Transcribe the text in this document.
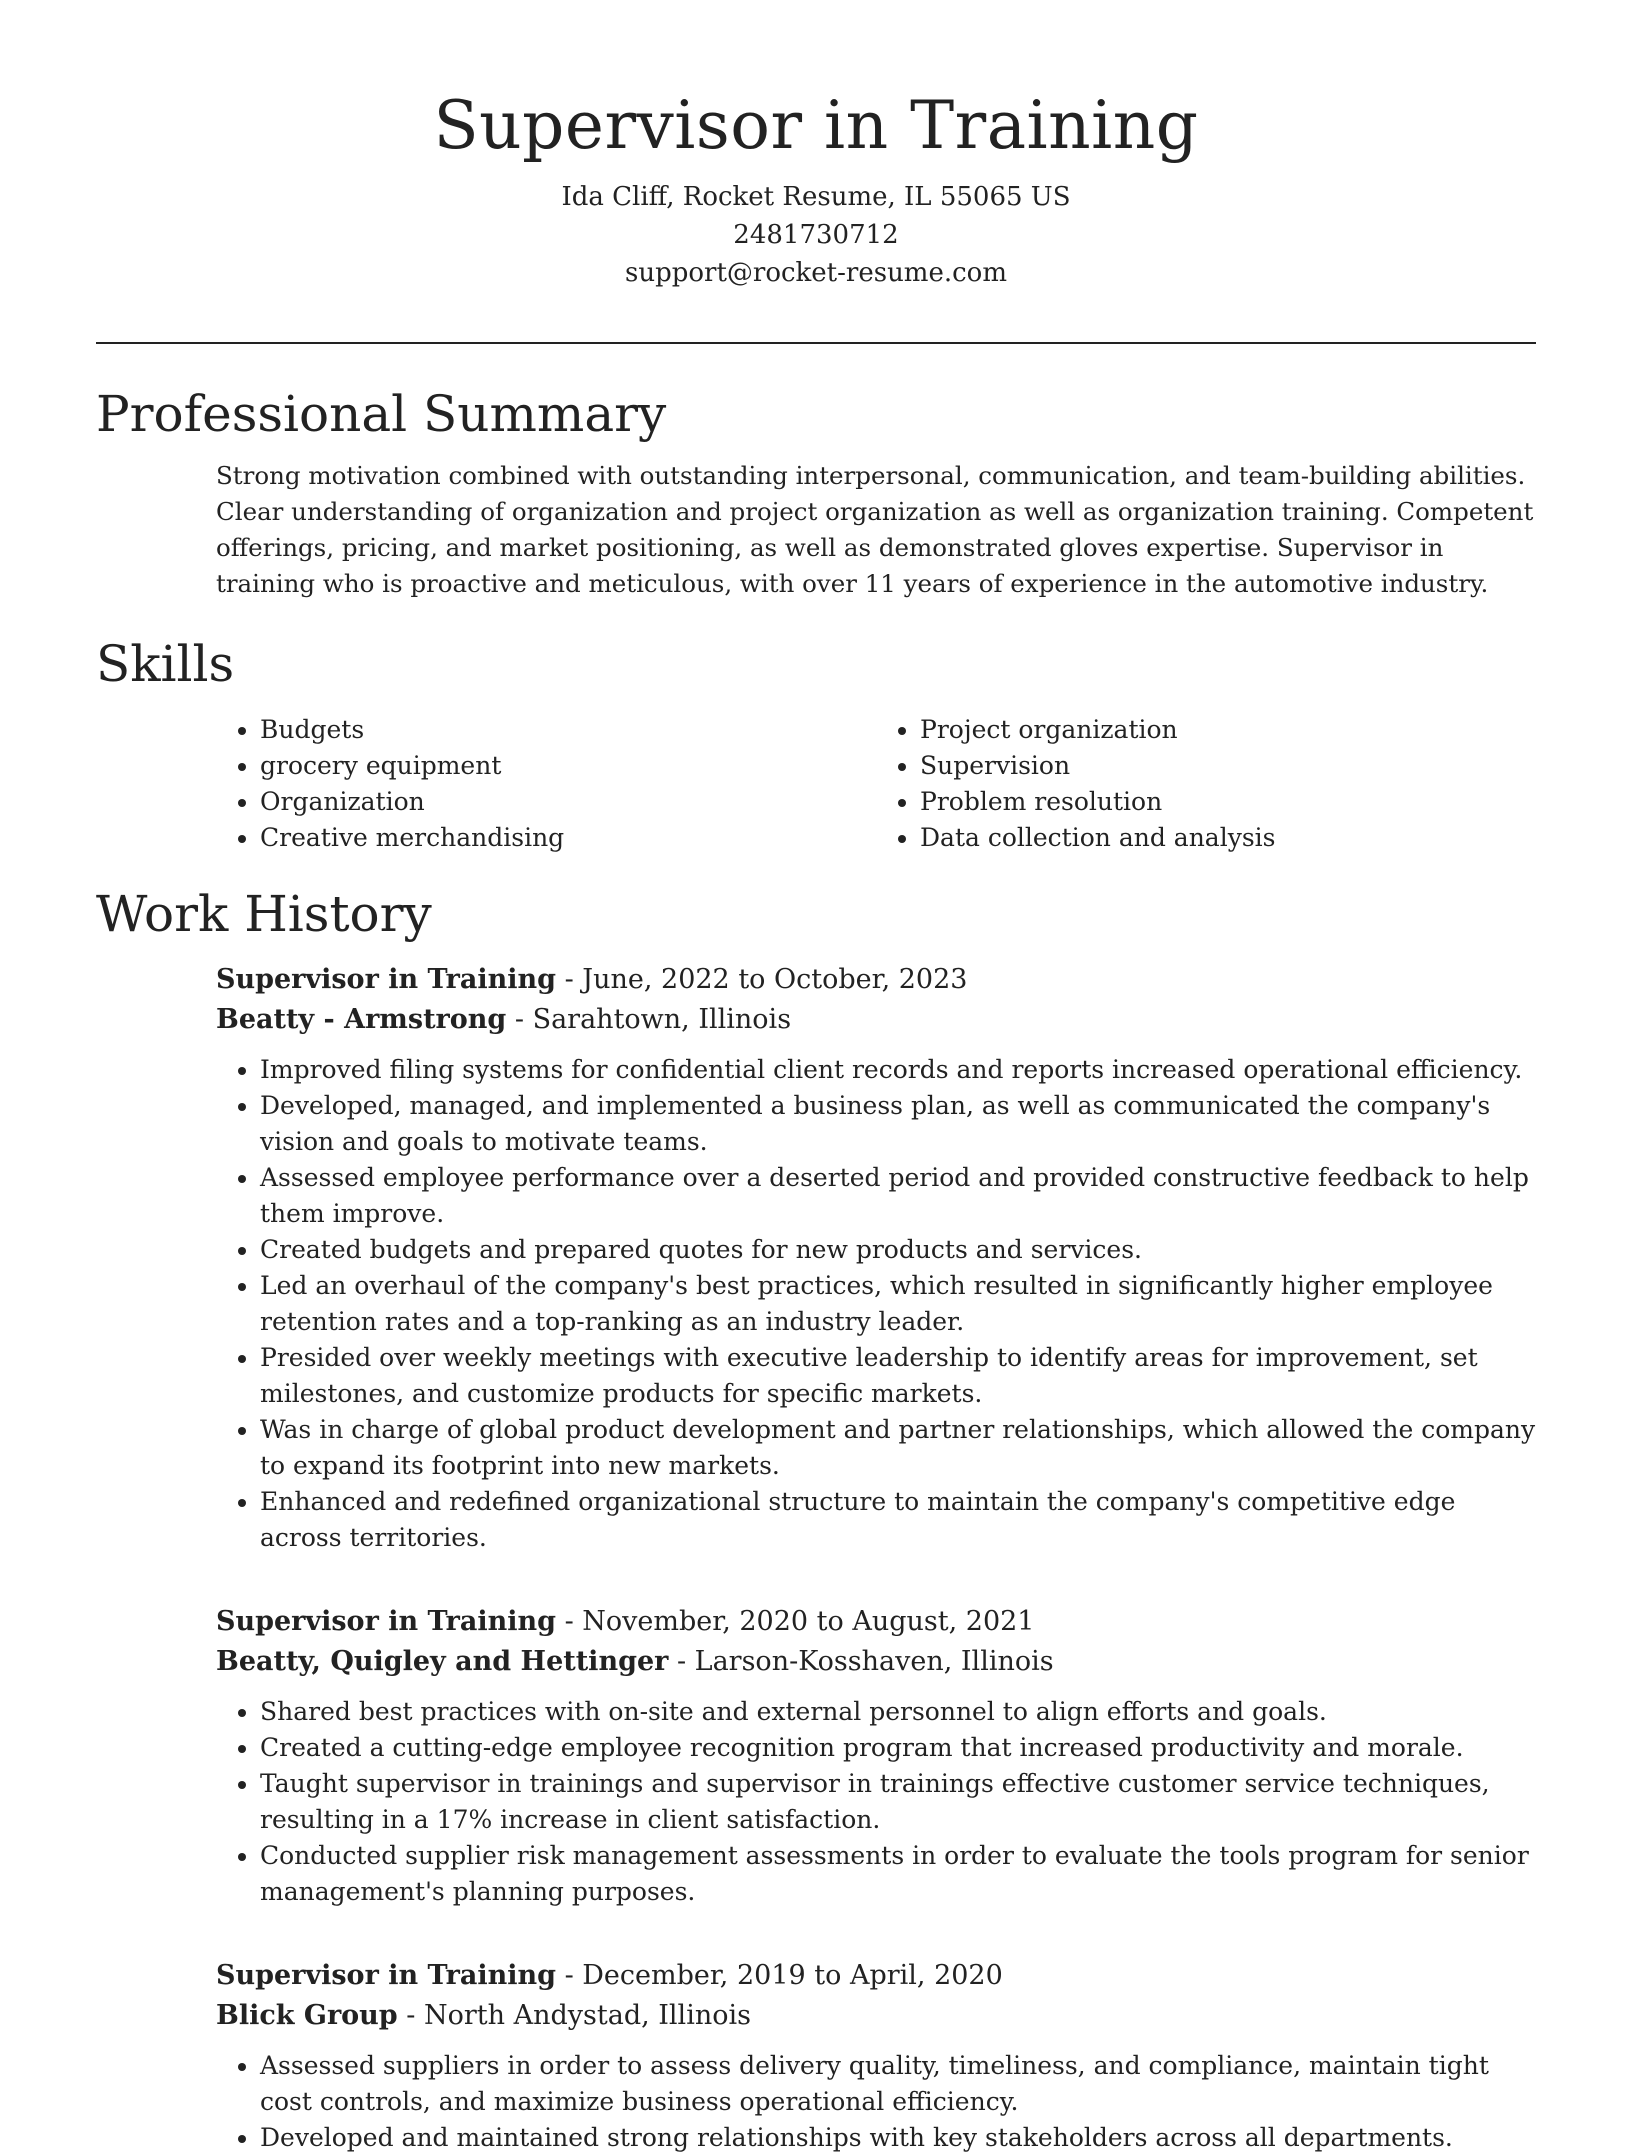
Supervisor in Training
Ida Cliff, Rocket Resume, IL 55065 US
2481730712
support@rocket-resume.com
Professional Summary

Strong motivation combined with outstanding interpersonal, communication, and team-building abilities. Clear understanding of organization and project organization as well as organization training. Competent offerings, pricing, and market positioning, as well as demonstrated gloves expertise. Supervisor in training who is proactive and meticulous, with over 11 years of experience in the automotive industry.

Skills
• Budgets
• grocery equipment
• Organization
• Creative merchandising
• Project organization
• Supervision
• Problem resolution
• Data collection and analysis
Work History
Supervisor in Training - June, 2022 to October, 2023
Beatty - Armstrong - Sarahtown, Illinois
• Improved filing systems for confidential client records and reports increased operational efficiency.
• Developed, managed, and implemented a business plan, as well as communicated the company's vision and goals to motivate teams.
• Assessed employee performance over a deserted period and provided constructive feedback to help them improve.
• Created budgets and prepared quotes for new products and services.
• Led an overhaul of the company's best practices, which resulted in significantly higher employee retention rates and a top-ranking as an industry leader.
• Presided over weekly meetings with executive leadership to identify areas for improvement, set milestones, and customize products for specific markets.
• Was in charge of global product development and partner relationships, which allowed the company to expand its footprint into new markets.
• Enhanced and redefined organizational structure to maintain the company's competitive edge across territories.
Supervisor in Training - November, 2020 to August, 2021
Beatty, Quigley and Hettinger - Larson-Kosshaven, Illinois
• Shared best practices with on-site and external personnel to align efforts and goals.
• Created a cutting-edge employee recognition program that increased productivity and morale.
• Taught supervisor in trainings and supervisor in trainings effective customer service techniques, resulting in a 17% increase in client satisfaction.
• Conducted supplier risk management assessments in order to evaluate the tools program for senior management's planning purposes.
Supervisor in Training - December, 2019 to April, 2020
Blick Group - North Andystad, Illinois
• Assessed suppliers in order to assess delivery quality, timeliness, and compliance, maintain tight cost controls, and maximize business operational efficiency.
• Developed and maintained strong relationships with key stakeholders across all departments.
